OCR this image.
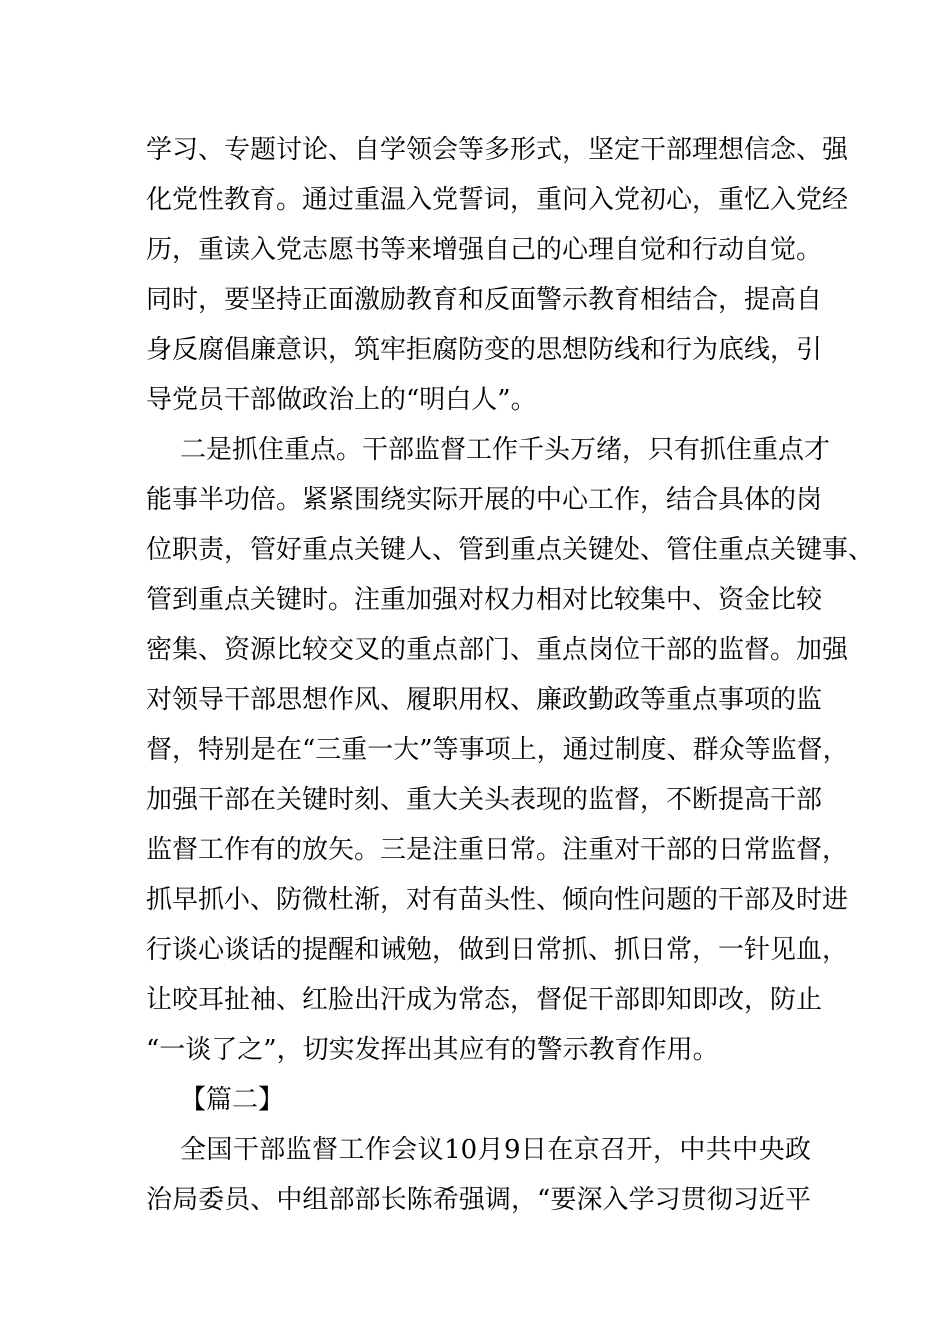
学习、专题讨论、自学领会等多形式，坚定干部理想信念、强
化党性教育。通过重温入党誓词，重问入党初心，重忆入党经
历，重读入党志愿书等来增强自己的心理自觉和行动自觉。
同时，要坚持正面激励教育和反面警示教育相结合，提高自
身反腐倡廉意识，筑牢拒腐防变的思想防线和行为底线，引
导党员干部做政治上的“明白人”。
二是抓住重点。干部监督工作千头万绪，只有抓住重点才
能事半功倍。紧紧围绕实际开展的中心工作，结合具体的岗
位职责，管好重点关键人、管到重点关键处、管住重点关键事、
管到重点关键时。注重加强对权力相对比较集中、资金比较
密集、资源比较交叉的重点部门、重点岗位干部的监督。加强
对领导干部思想作风、履职用权、廉政勤政等重点事项的监
督，特别是在“三重一大”等事项上，通过制度、群众等监督，
加强干部在关键时刻、重大关头表现的监督，不断提高干部
监督工作有的放矢。三是注重日常。注重对干部的日常监督，
抓早抓小、防微杜渐，对有苗头性、倾向性问题的干部及时进
行谈心谈话的提醒和诫勉，做到日常抓、抓日常，一针见血，
让咬耳扯袖、红脸出汗成为常态，督促干部即知即改，防止
“一谈了之”，切实发挥出其应有的警示教育作用。
【篇二】
全国干部监督工作会议10月9日在京召开，中共中央政
治局委员、中组部部长陈希强调，“要深入学习贯彻习近平
